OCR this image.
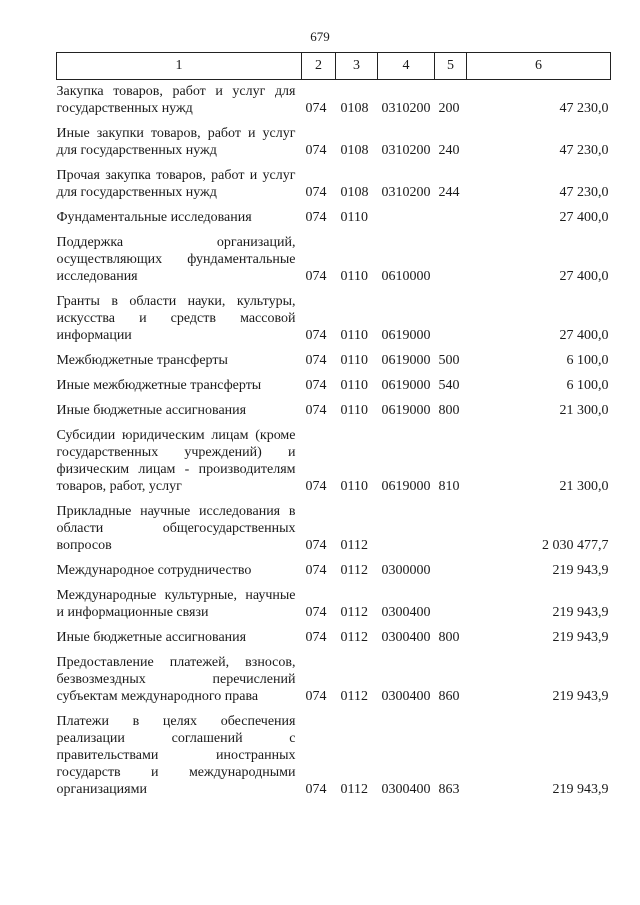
679
1	2	3	4	5	6

Закупка товаров, работ и услуг для государственных нужд	074	0108	0310200	200	47 230,0

Иные закупки товаров, работ и услуг для государственных нужд	074	0108	0310200	240	47 230,0

Прочая закупка товаров, работ и услуг для государственных нужд	074	0108	0310200	244	47 230,0

Фундаментальные исследования	074	0110			27 400,0

Поддержка организаций, осуществляющих фундаментальные исследования	074	0110	0610000		27 400,0

Гранты в области науки, культуры, искусства и средств массовой информации	074	0110	0619000		27 400,0

Межбюджетные трансферты	074	0110	0619000	500	6 100,0

Иные межбюджетные трансферты	074	0110	0619000	540	6 100,0

Иные бюджетные ассигнования	074	0110	0619000	800	21 300,0

Субсидии юридическим лицам (кроме государственных учреждений) и физическим лицам - производителям товаров, работ, услуг	074	0110	0619000	810	21 300,0

Прикладные научные исследования в области общегосударственных вопросов	074	0112			2 030 477,7

Международное сотрудничество	074	0112	0300000		219 943,9

Международные культурные, научные и информационные связи	074	0112	0300400		219 943,9

Иные бюджетные ассигнования	074	0112	0300400	800	219 943,9

Предоставление платежей, взносов, безвозмездных перечислений субъектам международного права	074	0112	0300400	860	219 943,9

Платежи в целях обеспечения реализации соглашений с правительствами иностранных государств и международными организациями	074	0112	0300400	863	219 943,9
